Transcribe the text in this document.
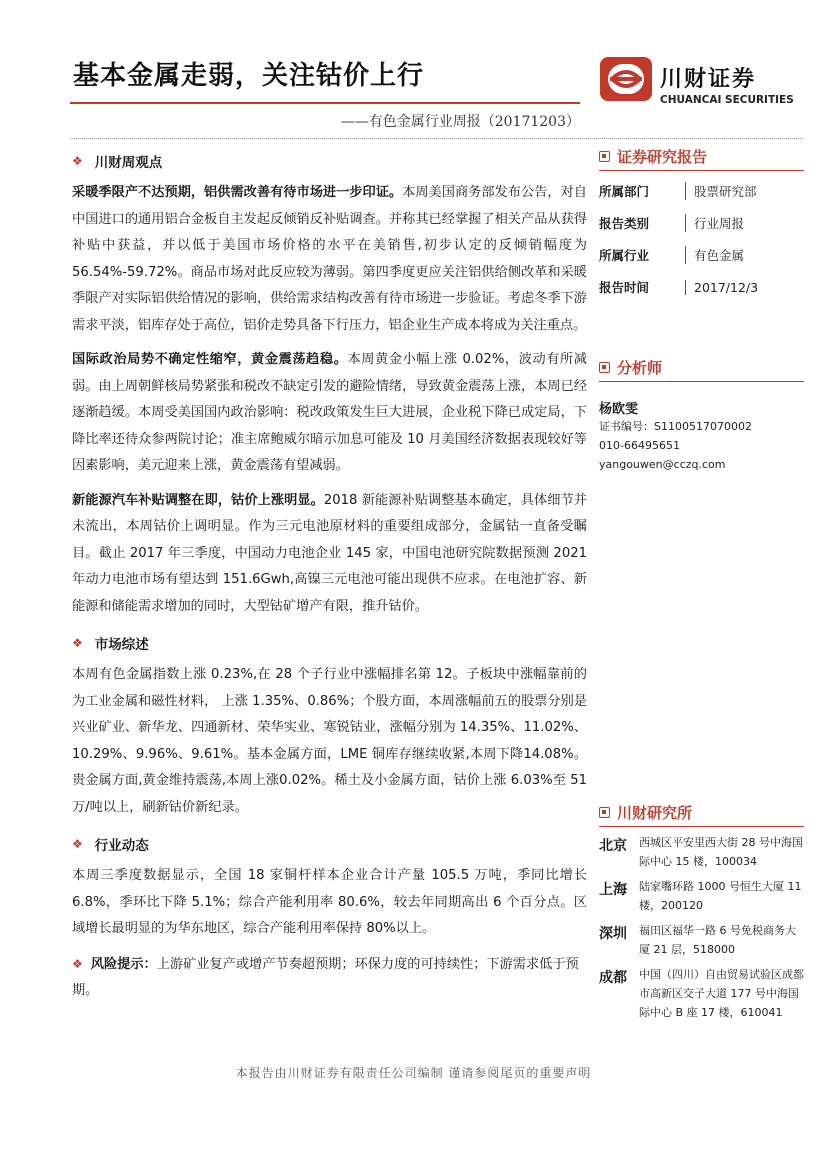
基本金属走弱，关注钴价上行
——有色金属行业周报（20171203）
川财证券
CHUANCAI SECURITIES
❖ 川财周观点
采暖季限产不达预期，铝供需改善有待市场进一步印证。本周美国商务部发布公告，对自中国进口的通用铝合金板自主发起反倾销反补贴调查。并称其已经掌握了相关产品从获得补贴中获益，并以低于美国市场价格的水平在美销售,初步认定的反倾销幅度为 56.54%-59.72%。商品市场对此反应较为薄弱。第四季度更应关注铝供给侧改革和采暖季限产对实际铝供给情况的影响，供给需求结构改善有待市场进一步验证。考虑冬季下游需求平淡，铝库存处于高位，铝价走势具备下行压力，铝企业生产成本将成为关注重点。
国际政治局势不确定性缩窄，黄金震荡趋稳。本周黄金小幅上涨 0.02%，波动有所减弱。由上周朝鲜核局势紧张和税改不缺定引发的避险情绪，导致黄金震荡上涨，本周已经逐渐趋缓。本周受美国国内政治影响：税改政策发生巨大进展，企业税下降已成定局，下降比率还待众参两院讨论；准主席鲍威尔暗示加息可能及 10 月美国经济数据表现较好等因素影响，美元迎来上涨，黄金震荡有望减弱。
新能源汽车补贴调整在即，钴价上涨明显。2018 新能源补贴调整基本确定，具体细节并未流出，本周钴价上调明显。作为三元电池原材料的重要组成部分，金属钴一直备受瞩目。截止 2017 年三季度，中国动力电池企业 145 家，中国电池研究院数据预测 2021 年动力电池市场有望达到 151.6Gwh,高镍三元电池可能出现供不应求。在电池扩容、新能源和储能需求增加的同时，大型钴矿增产有限，推升钴价。
❖ 市场综述
本周有色金属指数上涨 0.23%,在 28 个子行业中涨幅排名第 12。子板块中涨幅靠前的为工业金属和磁性材料， 上涨 1.35%、0.86%；个股方面，本周涨幅前五的股票分别是兴业矿业、新华龙、四通新材、荣华实业、寒锐钴业，涨幅分别为 14.35%、11.02%、10.29%、9.96%、9.61%。基本金属方面，LME 铜库存继续收紧,本周下降14.08%。贵金属方面,黄金维持震荡,本周上涨0.02%。稀土及小金属方面，钴价上涨 6.03%至 51 万/吨以上，刷新钴价新纪录。
❖ 行业动态
本周三季度数据显示，全国 18 家铜杆样本企业合计产量 105.5 万吨，季同比增长 6.8%，季环比下降 5.1%；综合产能利用率 80.6%，较去年同期高出 6 个百分点。区域增长最明显的为华东地区，综合产能利用率保持 80%以上。
❖ 风险提示：上游矿业复产或增产节奏超预期；环保力度的可持续性；下游需求低于预期。
证券研究报告
所属部门	股票研究部
报告类别	行业周报
所属行业	有色金属
报告时间	2017/12/3
分析师
杨欧雯
证书编号：S1100517070002
010-66495651
yangouwen@cczq.com
川财研究所
北京	西城区平安里西大街 28 号中海国际中心 15 楼，100034
上海	陆家嘴环路 1000 号恒生大厦 11 楼，200120
深圳	福田区福华一路 6 号免税商务大厦 21 层，518000
成都	中国（四川）自由贸易试验区成都市高新区交子大道 177 号中海国际中心 B 座 17 楼，610041
本报告由川财证券有限责任公司编制 谨请参阅尾页的重要声明
